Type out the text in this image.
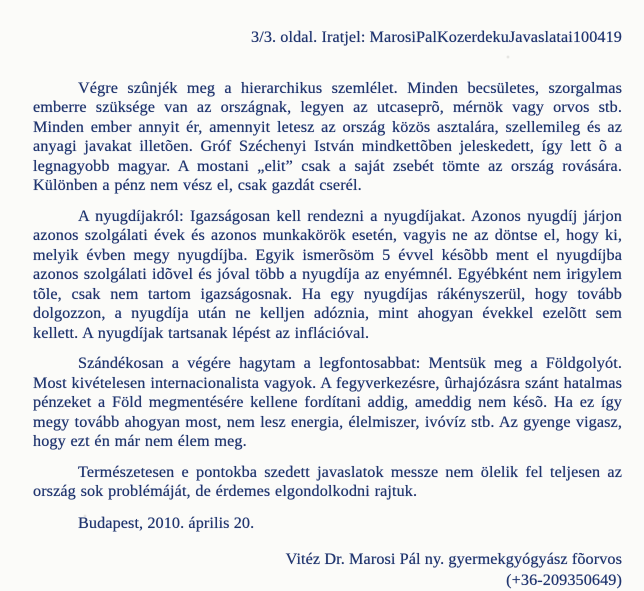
3/3. oldal. Iratjel: MarosiPalKozerdekuJavaslatai100419

Végre szûnjék meg a hierarchikus szemlélet. Minden becsületes, szorgalmas emberre szüksége van az országnak, legyen az utcaseprõ, mérnök vagy orvos stb. Minden ember annyit ér, amennyit letesz az ország közös asztalára, szellemileg és az anyagi javakat illetõen. Gróf Széchenyi István mindkettõben jeleskedett, így lett õ a legnagyobb magyar. A mostani „elit” csak a saját zsebét tömte az ország rovására. Különben a pénz nem vész el, csak gazdát cserél.

A nyugdíjakról: Igazságosan kell rendezni a nyugdíjakat. Azonos nyugdíj járjon azonos szolgálati évek és azonos munkakörök esetén, vagyis ne az döntse el, hogy ki, melyik évben megy nyugdíjba. Egyik ismerõsöm 5 évvel késõbb ment el nyugdíjba azonos szolgálati idõvel és jóval több a nyugdíja az enyémnél. Egyébként nem irigylem tõle, csak nem tartom igazságosnak. Ha egy nyugdíjas rákényszerül, hogy tovább dolgozzon, a nyugdíja után ne kelljen adóznia, mint ahogyan évekkel ezelõtt sem kellett. A nyugdíjak tartsanak lépést az inflációval.

Szándékosan a végére hagytam a legfontosabbat: Mentsük meg a Földgolyót. Most kivételesen internacionalista vagyok. A fegyverkezésre, ûrhajózásra szánt hatalmas pénzeket a Föld megmentésére kellene fordítani addig, ameddig nem késõ. Ha ez így megy tovább ahogyan most, nem lesz energia, élelmiszer, ivóvíz stb. Az gyenge vigasz, hogy ezt én már nem élem meg.

Természetesen e pontokba szedett javaslatok messze nem ölelik fel teljesen az ország sok problémáját, de érdemes elgondolkodni rajtuk.

Budapest, 2010. április 20.

Vitéz Dr. Marosi Pál ny. gyermekgyógyász fõorvos
(+36-209350649)
